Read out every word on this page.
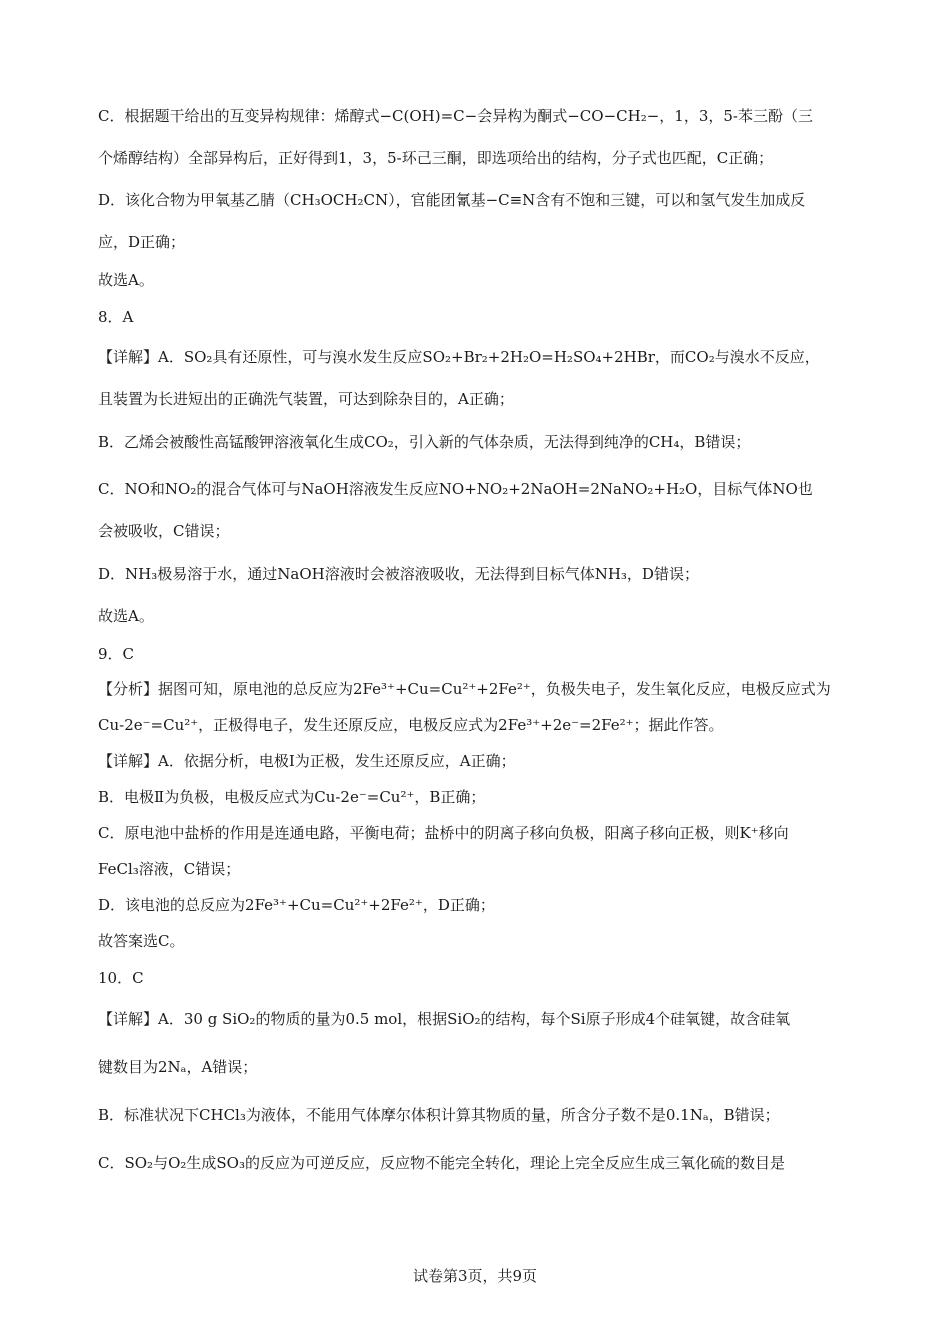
C．根据题干给出的互变异构规律：烯醇式−C(OH)=C−会异构为酮式−CO−CH₂−，1，3，5-苯三酚（三
个烯醇结构）全部异构后，正好得到1，3，5-环己三酮，即选项给出的结构，分子式也匹配，C正确；
D．该化合物为甲氧基乙腈（CH₃OCH₂CN），官能团氰基−C≡N含有不饱和三键，可以和氢气发生加成反
应，D正确；
故选A。
8．A
【详解】A．SO₂具有还原性，可与溴水发生反应SO₂+Br₂+2H₂O=H₂SO₄+2HBr，而CO₂与溴水不反应，
且装置为长进短出的正确洗气装置，可达到除杂目的，A正确；
B．乙烯会被酸性高锰酸钾溶液氧化生成CO₂，引入新的气体杂质，无法得到纯净的CH₄，B错误；
C．NO和NO₂的混合气体可与NaOH溶液发生反应NO+NO₂+2NaOH=2NaNO₂+H₂O，目标气体NO也
会被吸收，C错误；
D．NH₃极易溶于水，通过NaOH溶液时会被溶液吸收，无法得到目标气体NH₃，D错误；
故选A。
9．C
【分析】据图可知，原电池的总反应为2Fe³⁺+Cu=Cu²⁺+2Fe²⁺，负极失电子，发生氧化反应，电极反应式为
Cu-2e⁻=Cu²⁺，正极得电子，发生还原反应，电极反应式为2Fe³⁺+2e⁻=2Fe²⁺；据此作答。
【详解】A．依据分析，电极Ⅰ为正极，发生还原反应，A正确；
B．电极Ⅱ为负极，电极反应式为Cu-2e⁻=Cu²⁺，B正确；
C．原电池中盐桥的作用是连通电路，平衡电荷；盐桥中的阴离子移向负极，阳离子移向正极，则K⁺移向
FeCl₃溶液，C错误；
D．该电池的总反应为2Fe³⁺+Cu=Cu²⁺+2Fe²⁺，D正确；
故答案选C。
10．C
【详解】A．30 g SiO₂的物质的量为0.5 mol，根据SiO₂的结构，每个Si原子形成4个硅氧键，故含硅氧
键数目为2Nₐ，A错误；
B．标准状况下CHCl₃为液体，不能用气体摩尔体积计算其物质的量，所含分子数不是0.1Nₐ，B错误；
C．SO₂与O₂生成SO₃的反应为可逆反应，反应物不能完全转化，理论上完全反应生成三氧化硫的数目是
试卷第3页，共9页
